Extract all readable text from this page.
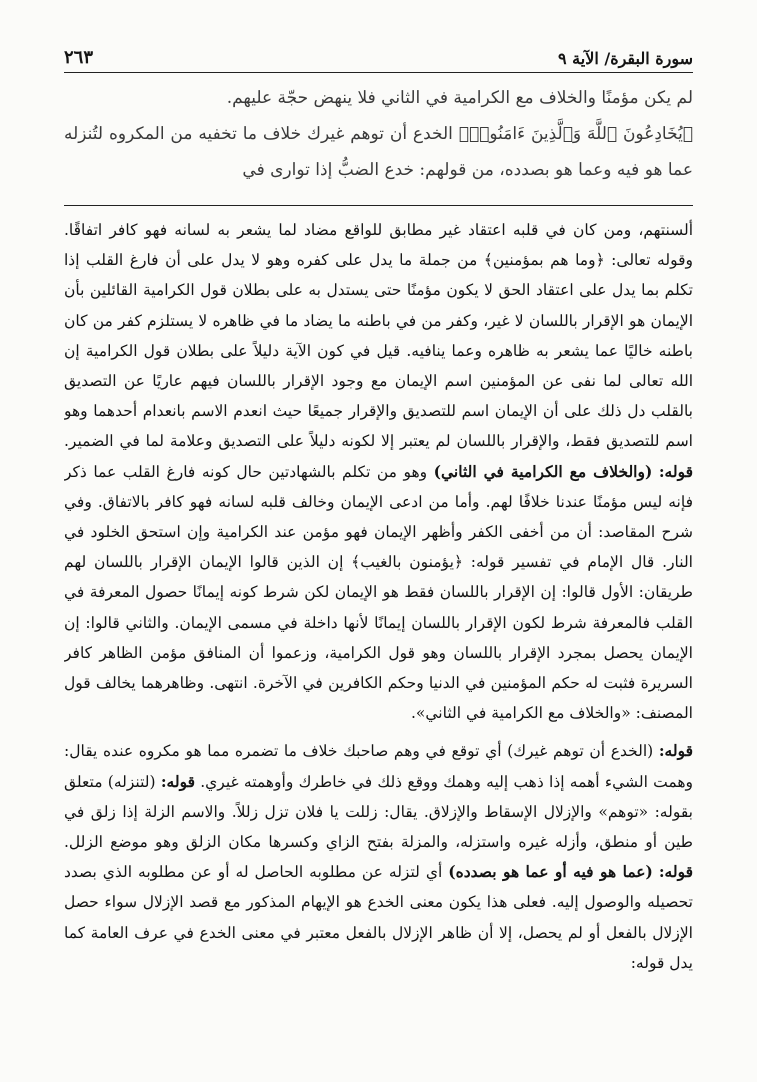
سورة البقرة/ الآية ٩
٢٦٣

لم يكن مؤمنًا والخلاف مع الكرامية في الثاني فلا ينهض حجّة عليهم.

﴿يُخَادِعُونَ ٱللَّهَ وَٱلَّذِينَ ءَامَنُوا۟﴾ الخدع أن توهم غيرك خلاف ما تخفيه من المكروه لتُنزله عما هو فيه وعما هو بصدده، من قولهم: خدع الضبُّ إذا توارى في

ألسنتهم، ومن كان في قلبه اعتقاد غير مطابق للواقع مضاد لما يشعر به لسانه فهو كافر اتفاقًا. وقوله تعالى: ﴿وما هم بمؤمنين﴾ من جملة ما يدل على كفره وهو لا يدل على أن فارغ القلب إذا تكلم بما يدل على اعتقاد الحق لا يكون مؤمنًا حتى يستدل به على بطلان قول الكرامية القائلين بأن الإيمان هو الإقرار باللسان لا غير، وكفر من في باطنه ما يضاد ما في ظاهره لا يستلزم كفر من كان باطنه خاليًا عما يشعر به ظاهره وعما ينافيه. قيل في كون الآية دليلاً على بطلان قول الكرامية إن الله تعالى لما نفى عن المؤمنين اسم الإيمان مع وجود الإقرار باللسان فيهم عاريًا عن التصديق بالقلب دل ذلك على أن الإيمان اسم للتصديق والإقرار جميعًا حيث انعدم الاسم بانعدام أحدهما وهو اسم للتصديق فقط، والإقرار باللسان لم يعتبر إلا لكونه دليلاً على التصديق وعلامة لما في الضمير. قوله: (والخلاف مع الكرامية في الثاني) وهو من تكلم بالشهادتين حال كونه فارغ القلب عما ذكر فإنه ليس مؤمنًا عندنا خلافًا لهم. وأما من ادعى الإيمان وخالف قلبه لسانه فهو كافر بالاتفاق. وفي شرح المقاصد: أن من أخفى الكفر وأظهر الإيمان فهو مؤمن عند الكرامية وإن استحق الخلود في النار. قال الإمام في تفسير قوله: ﴿يؤمنون بالغيب﴾ إن الذين قالوا الإيمان الإقرار باللسان لهم طريقان: الأول قالوا: إن الإقرار باللسان فقط هو الإيمان لكن شرط كونه إيمانًا حصول المعرفة في القلب فالمعرفة شرط لكون الإقرار باللسان إيمانًا لأنها داخلة في مسمى الإيمان. والثاني قالوا: إن الإيمان يحصل بمجرد الإقرار باللسان وهو قول الكرامية، وزعموا أن المنافق مؤمن الظاهر كافر السريرة فثبت له حكم المؤمنين في الدنيا وحكم الكافرين في الآخرة. انتهى. وظاهرهما يخالف قول المصنف: «والخلاف مع الكرامية في الثاني».

قوله: (الخدع أن توهم غيرك) أي توقع في وهم صاحبك خلاف ما تضمره مما هو مكروه عنده يقال: وهمت الشيء أهمه إذا ذهب إليه وهمك ووقع ذلك في خاطرك وأوهمته غيري. قوله: (لتنزله) متعلق بقوله: «توهم» والإزلال الإسقاط والإزلاق. يقال: زللت يا فلان تزل زللاً. والاسم الزلة إذا زلق في طين أو منطق، وأزله غيره واستزله، والمزلة بفتح الزاي وكسرها مكان الزلق وهو موضع الزلل. قوله: (عما هو فيه أو عما هو بصدده) أي لتزله عن مطلوبه الحاصل له أو عن مطلوبه الذي بصدد تحصيله والوصول إليه. فعلى هذا يكون معنى الخدع هو الإيهام المذكور مع قصد الإزلال سواء حصل الإزلال بالفعل أو لم يحصل، إلا أن ظاهر الإزلال بالفعل معتبر في معنى الخدع في عرف العامة كما يدل قوله:
